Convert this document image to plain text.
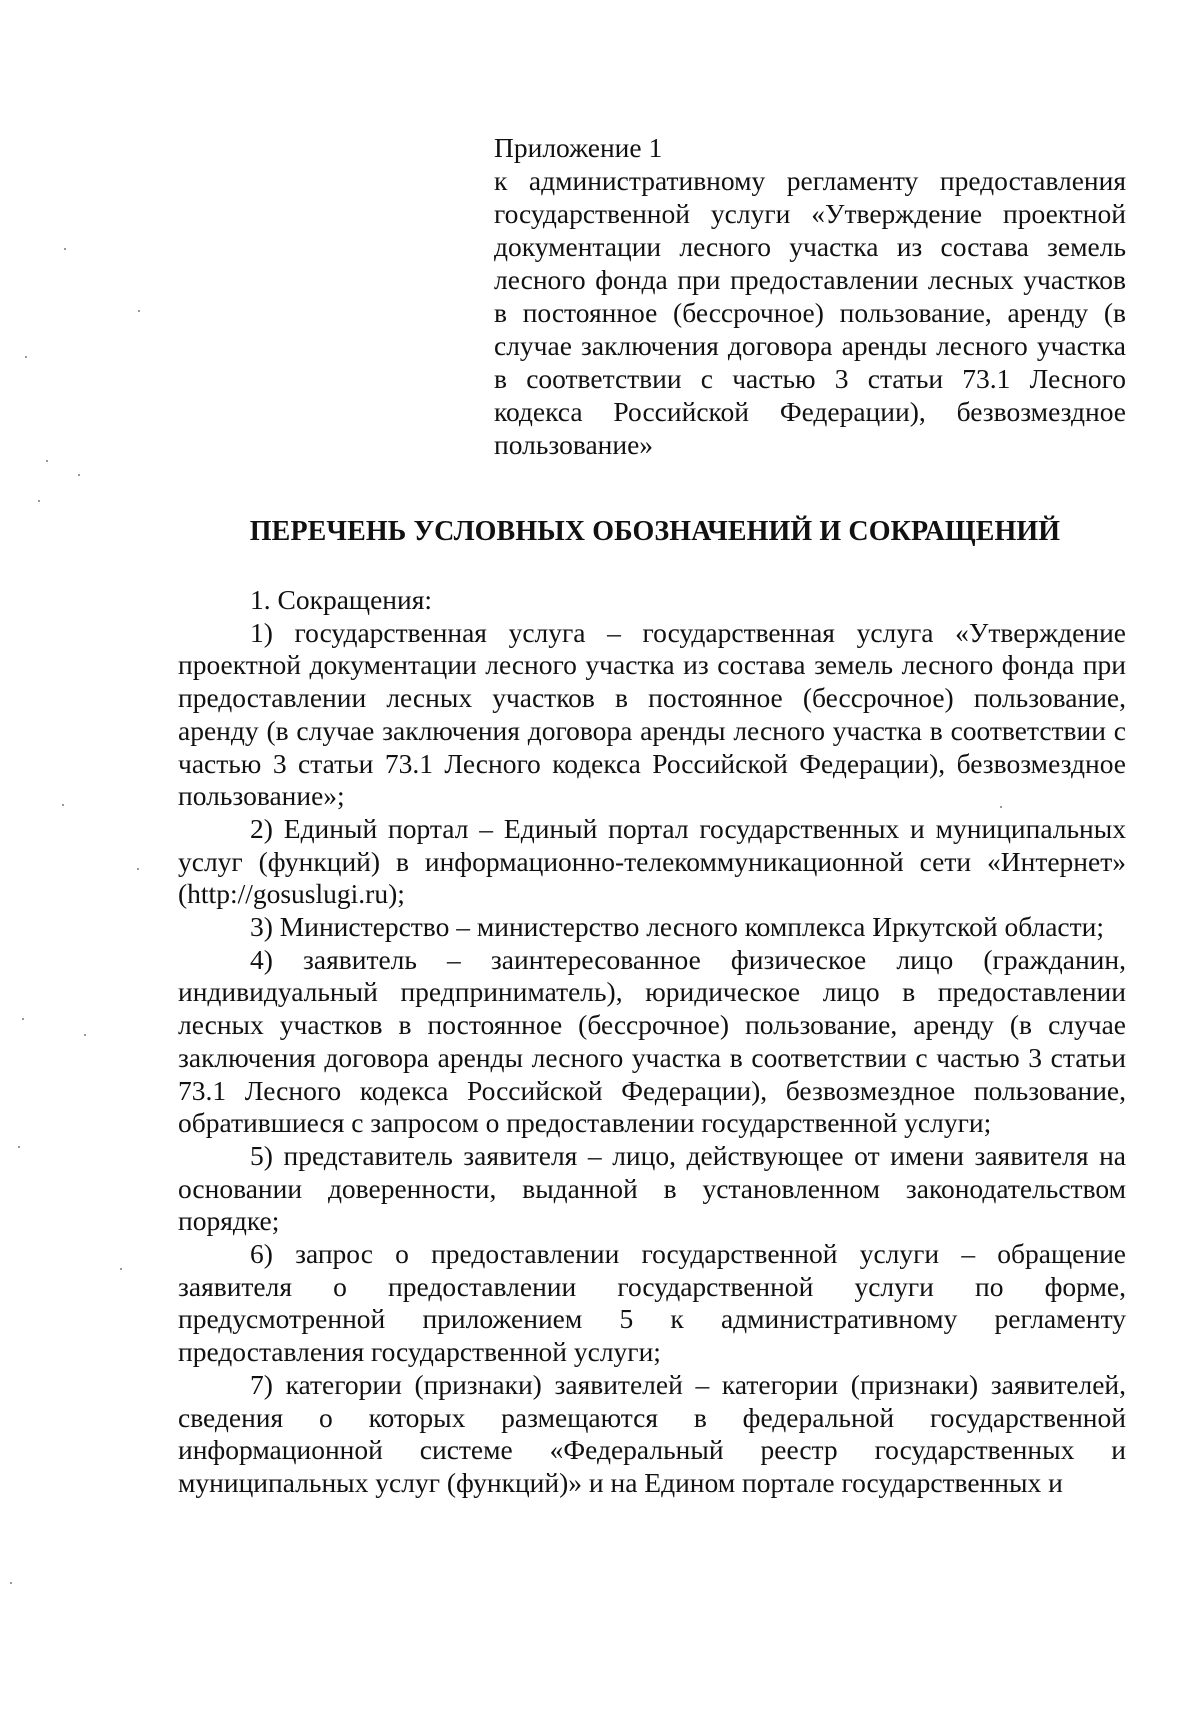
Приложение 1

к административному регламенту предоставления государственной услуги «Утверждение проектной документации лесного участка из состава земель лесного фонда при предоставлении лесных участков в постоянное (бессрочное) пользование, аренду (в случае заключения договора аренды лесного участка в соответствии с частью 3 статьи 73.1 Лесного кодекса Российской Федерации), безвозмездное пользование»

ПЕРЕЧЕНЬ УСЛОВНЫХ ОБОЗНАЧЕНИЙ И СОКРАЩЕНИЙ

1. Сокращения:

1) государственная услуга – государственная услуга «Утверждение проектной документации лесного участка из состава земель лесного фонда при предоставлении лесных участков в постоянное (бессрочное) пользование, аренду (в случае заключения договора аренды лесного участка в соответствии с частью 3 статьи 73.1 Лесного кодекса Российской Федерации), безвозмездное пользование»;

2) Единый портал – Единый портал государственных и муниципальных услуг (функций) в информационно-телекоммуникационной сети «Интернет» (http://gosuslugi.ru);

3) Министерство – министерство лесного комплекса Иркутской области;

4) заявитель – заинтересованное физическое лицо (гражданин, индивидуальный предприниматель), юридическое лицо в предоставлении лесных участков в постоянное (бессрочное) пользование, аренду (в случае заключения договора аренды лесного участка в соответствии с частью 3 статьи 73.1 Лесного кодекса Российской Федерации), безвозмездное пользование, обратившиеся с запросом о предоставлении государственной услуги;

5) представитель заявителя – лицо, действующее от имени заявителя на основании доверенности, выданной в установленном законодательством порядке;

6) запрос о предоставлении государственной услуги – обращение заявителя о предоставлении государственной услуги по форме, предусмотренной приложением 5 к административному регламенту предоставления государственной услуги;

7) категории (признаки) заявителей – категории (признаки) заявителей, сведения о которых размещаются в федеральной государственной информационной системе «Федеральный реестр государственных и муниципальных услуг (функций)» и на Едином портале государственных и
